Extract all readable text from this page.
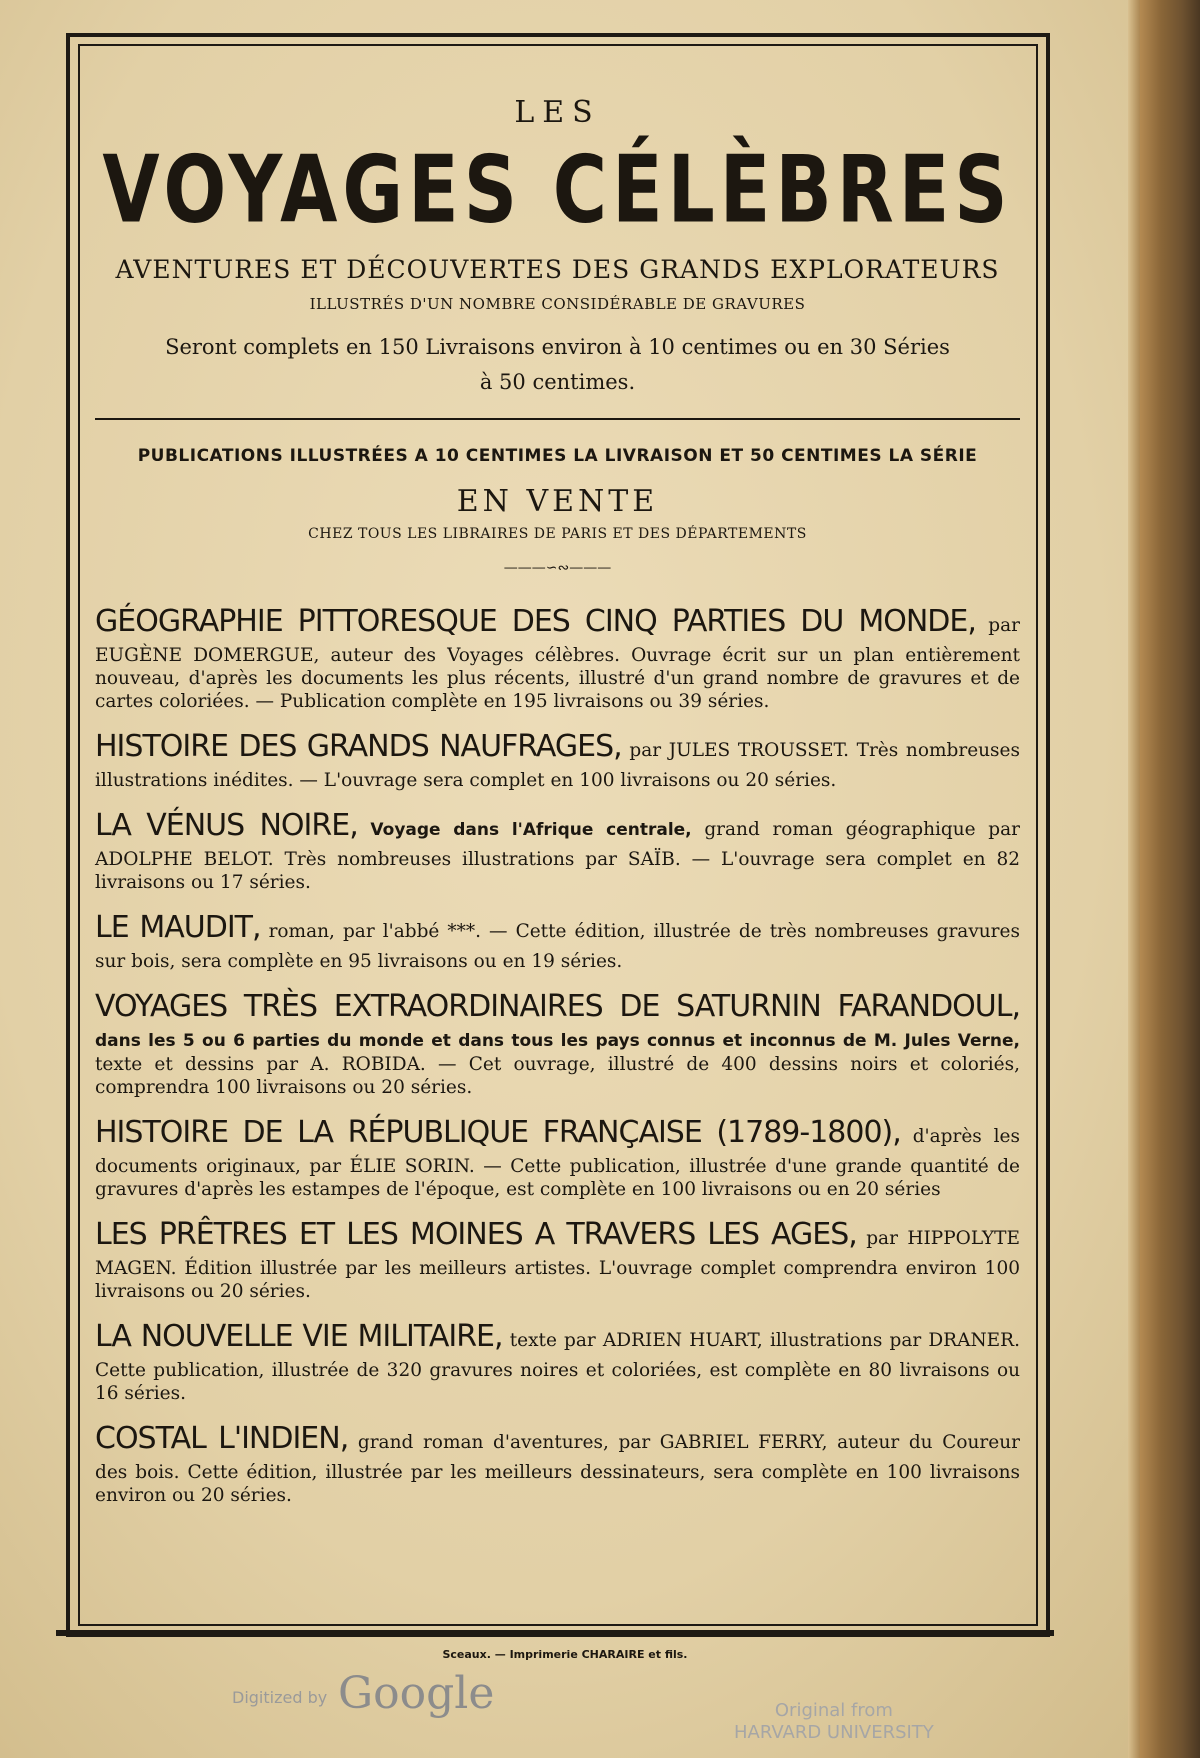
LES

VOYAGES CÉLÈBRES

AVENTURES ET DÉCOUVERTES DES GRANDS EXPLORATEURS

ILLUSTRÉS D'UN NOMBRE CONSIDÉRABLE DE GRAVURES

Seront complets en 150 Livraisons environ à 10 centimes ou en 30 Séries

à 50 centimes.

PUBLICATIONS ILLUSTRÉES A 10 CENTIMES LA LIVRAISON ET 50 CENTIMES LA SÉRIE

EN VENTE

CHEZ TOUS LES LIBRAIRES DE PARIS ET DES DÉPARTEMENTS

———∽∾———

GÉOGRAPHIE PITTORESQUE DES CINQ PARTIES DU MONDE, par EUGÈNE DOMERGUE, auteur des Voyages célèbres. Ouvrage écrit sur un plan entièrement nouveau, d'après les documents les plus récents, illustré d'un grand nombre de gravures et de cartes coloriées. — Publication complète en 195 livraisons ou 39 séries.

HISTOIRE DES GRANDS NAUFRAGES, par JULES TROUSSET. Très nombreuses illustrations inédites. — L'ouvrage sera complet en 100 livraisons ou 20 séries.

LA VÉNUS NOIRE, Voyage dans l'Afrique centrale, grand roman géographique par ADOLPHE BELOT. Très nombreuses illustrations par SAÏB. — L'ouvrage sera complet en 82 livraisons ou 17 séries.

LE MAUDIT, roman, par l'abbé ***. — Cette édition, illustrée de très nombreuses gravures sur bois, sera complète en 95 livraisons ou en 19 séries.

VOYAGES TRÈS EXTRAORDINAIRES DE SATURNIN FARANDOUL, dans les 5 ou 6 parties du monde et dans tous les pays connus et inconnus de M. Jules Verne, texte et dessins par A. ROBIDA. — Cet ouvrage, illustré de 400 dessins noirs et coloriés, comprendra 100 livraisons ou 20 séries.

HISTOIRE DE LA RÉPUBLIQUE FRANÇAISE (1789-1800), d'après les documents originaux, par ÉLIE SORIN. — Cette publication, illustrée d'une grande quantité de gravures d'après les estampes de l'époque, est complète en 100 livraisons ou en 20 séries

LES PRÊTRES ET LES MOINES A TRAVERS LES AGES, par HIPPOLYTE MAGEN. Édition illustrée par les meilleurs artistes. L'ouvrage complet comprendra environ 100 livraisons ou 20 séries.

LA NOUVELLE VIE MILITAIRE, texte par ADRIEN HUART, illustrations par DRANER. Cette publication, illustrée de 320 gravures noires et coloriées, est complète en 80 livraisons ou 16 séries.

COSTAL L'INDIEN, grand roman d'aventures, par GABRIEL FERRY, auteur du Coureur des bois. Cette édition, illustrée par les meilleurs dessinateurs, sera complète en 100 livraisons environ ou 20 séries.

Sceaux. — Imprimerie CHARAIRE et fils.
Digitized by Google	Original from
HARVARD UNIVERSITY
